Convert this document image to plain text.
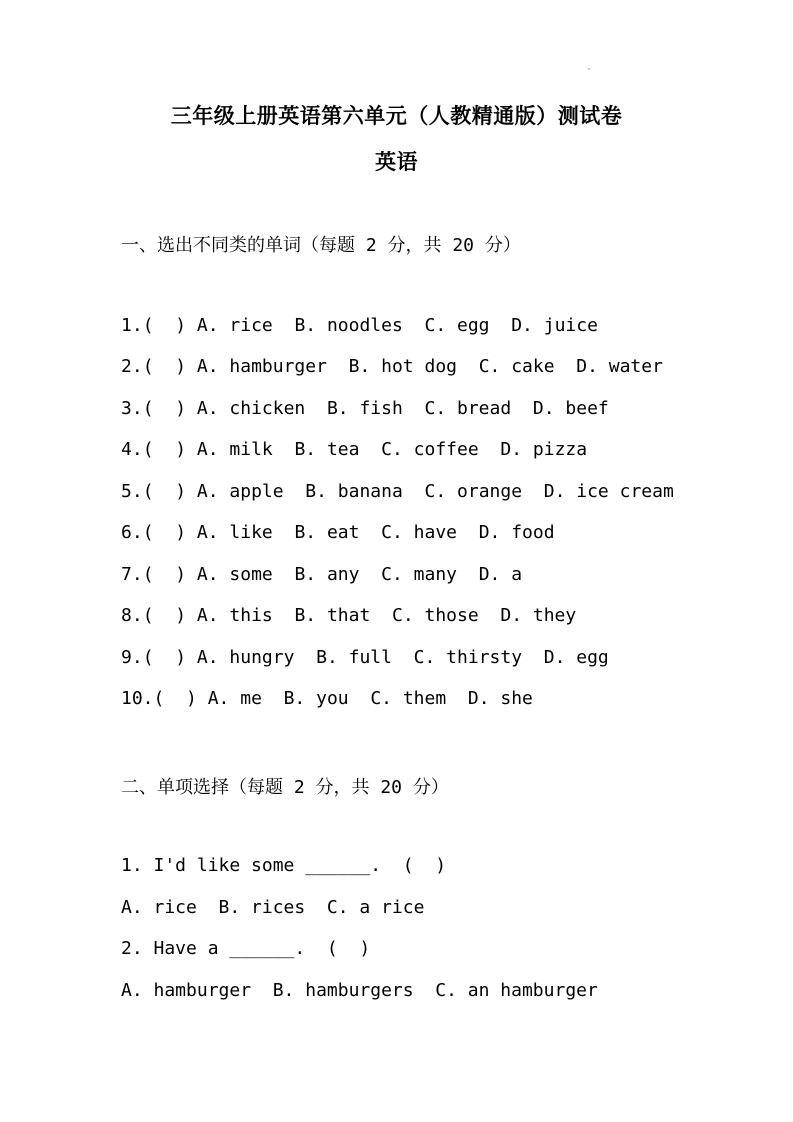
三年级上册英语第六单元（人教精通版）测试卷
英语
一、选出不同类的单词（每题 2 分，共 20 分）
1.(  ) A. rice B. noodles C. egg D. juice
2.(  ) A. hamburger B. hot dog C. cake D. water
3.(  ) A. chicken B. fish C. bread D. beef
4.(  ) A. milk B. tea C. coffee D. pizza
5.(  ) A. apple B. banana C. orange D. ice cream
6.(  ) A. like B. eat C. have D. food
7.(  ) A. some B. any C. many D. a
8.(  ) A. this B. that C. those D. they
9.(  ) A. hungry B. full C. thirsty D. egg
10.(  ) A. me B. you C. them D. she
二、单项选择（每题 2 分，共 20 分）
1. I'd like some ______.  (  )
A. rice  B. rices  C. a rice
2. Have a ______.  (  )
A. hamburger  B. hamburgers  C. an hamburger
